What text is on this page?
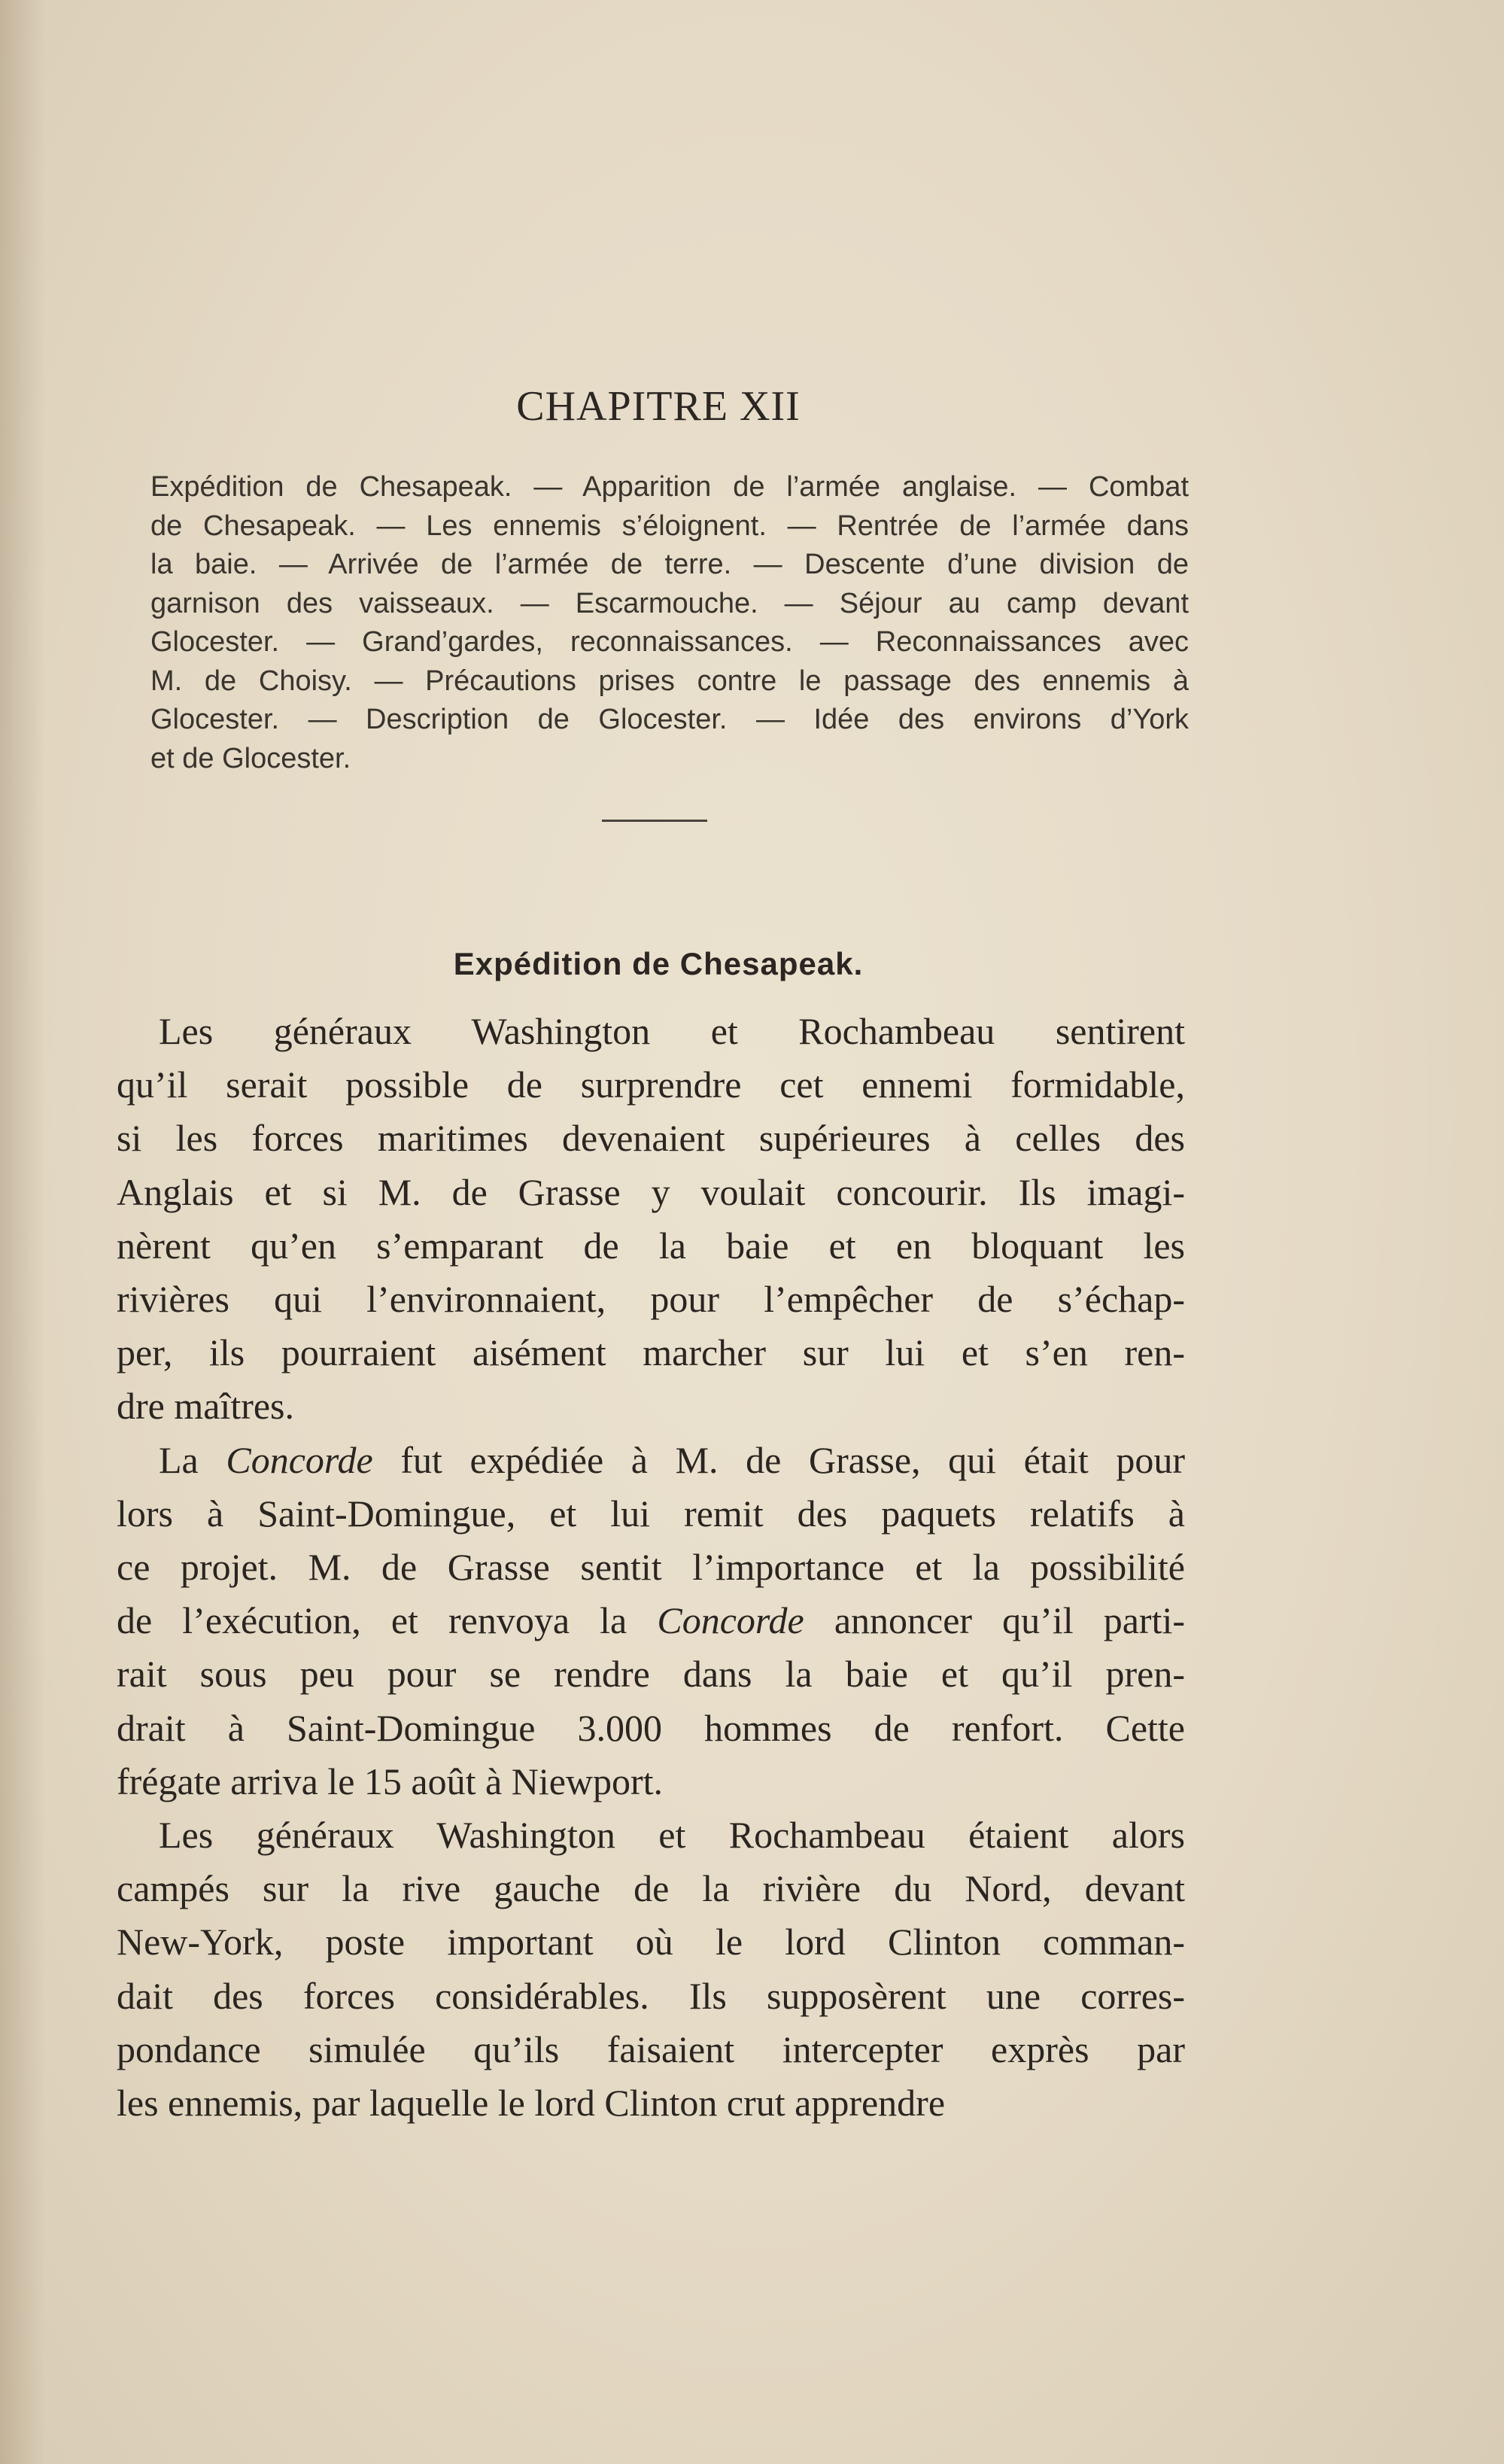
CHAPITRE XII
Expédition de Chesapeak. — Apparition de l’armée anglaise. — Combat
de Chesapeak. — Les ennemis s’éloignent. — Rentrée de l’armée dans
la baie. — Arrivée de l’armée de terre. — Descente d’une division de
garnison des vaisseaux. — Escarmouche. — Séjour au camp devant
Glocester. — Grand’gardes, reconnaissances. — Reconnaissances avec
M. de Choisy. — Précautions prises contre le passage des ennemis à
Glocester. — Description de Glocester. — Idée des environs d’York
et de Glocester.
Expédition de Chesapeak.
Les généraux Washington et Rochambeau sentirent
qu’il serait possible de surprendre cet ennemi formidable,
si les forces maritimes devenaient supérieures à celles des
Anglais et si M. de Grasse y voulait concourir. Ils imagi-
nèrent qu’en s’emparant de la baie et en bloquant les
rivières qui l’environnaient, pour l’empêcher de s’échap-
per, ils pourraient aisément marcher sur lui et s’en ren-
dre maîtres.
La Concorde fut expédiée à M. de Grasse, qui était pour
lors à Saint-Domingue, et lui remit des paquets relatifs à
ce projet. M. de Grasse sentit l’importance et la possibilité
de l’exécution, et renvoya la Concorde annoncer qu’il parti-
rait sous peu pour se rendre dans la baie et qu’il pren-
drait à Saint-Domingue 3.000 hommes de renfort. Cette
frégate arriva le 15 août à Niewport.
Les généraux Washington et Rochambeau étaient alors
campés sur la rive gauche de la rivière du Nord, devant
New-York, poste important où le lord Clinton comman-
dait des forces considérables. Ils supposèrent une corres-
pondance simulée qu’ils faisaient intercepter exprès par
les ennemis, par laquelle le lord Clinton crut apprendre
